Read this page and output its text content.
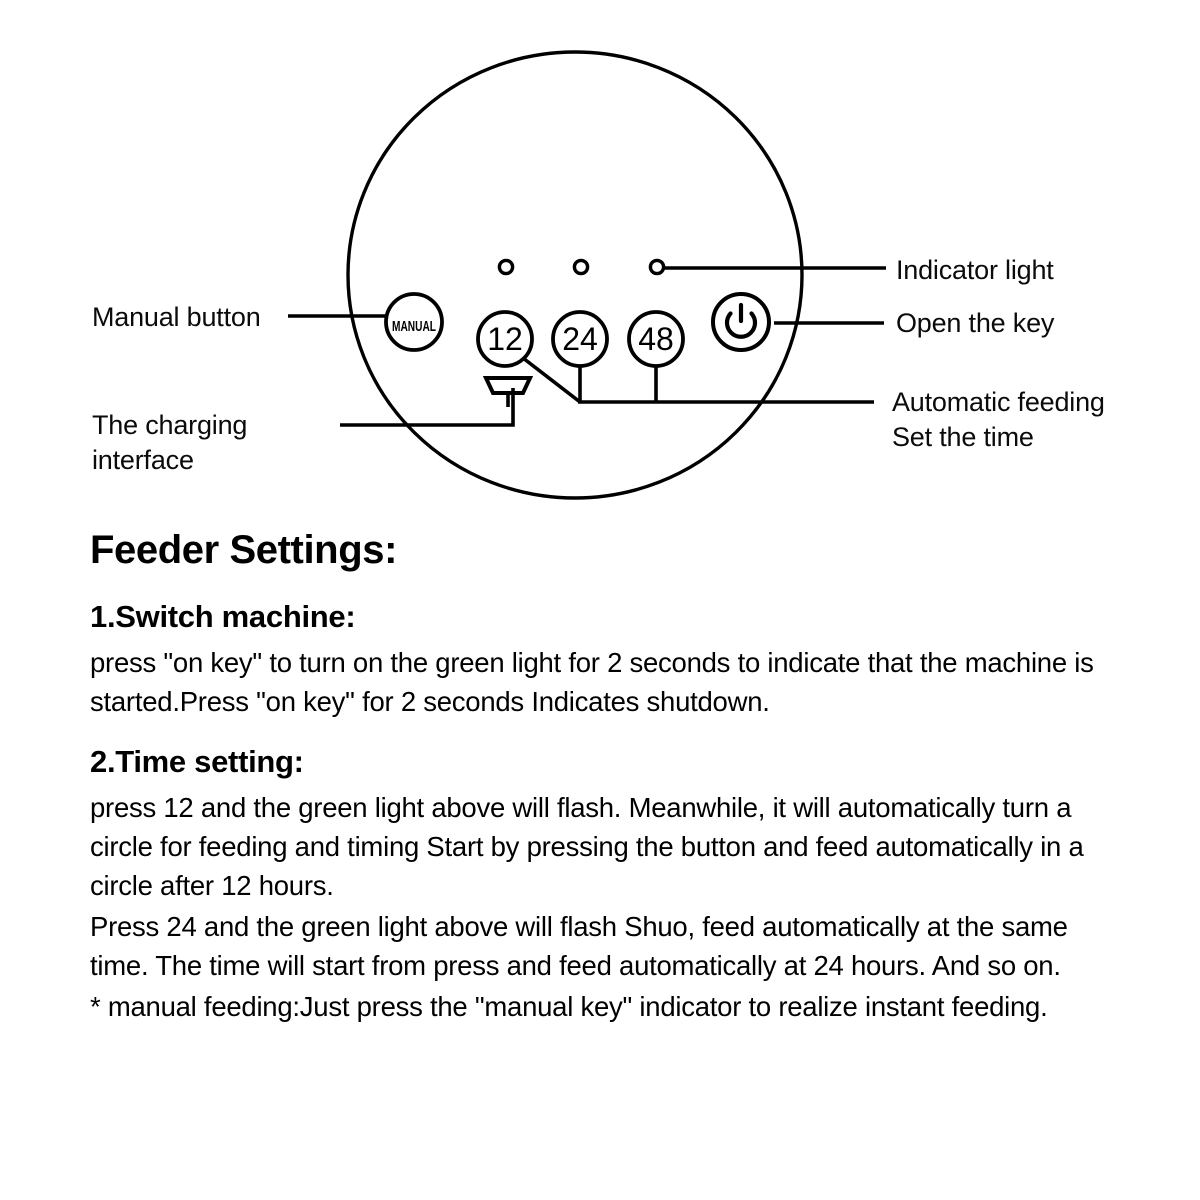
MANUAL 12 24 48
Manual button
The charging
interface
Indicator light
Open the key
Automatic feeding
Set the time
Feeder Settings:
1.Switch machine:

press "on key" to turn on the green light for 2 seconds to indicate that the machine is started.Press "on key" for 2 seconds Indicates shutdown.

2.Time setting:

press 12 and the green light above will flash. Meanwhile, it will automatically turn a circle for feeding and timing Start by pressing the button and feed automatically in a circle after 12 hours.

Press 24 and the green light above will flash Shuo, feed automatically at the same time. The time will start from press and feed automatically at 24 hours. And so on.

* manual feeding:Just press the "manual key" indicator to realize instant feeding.
